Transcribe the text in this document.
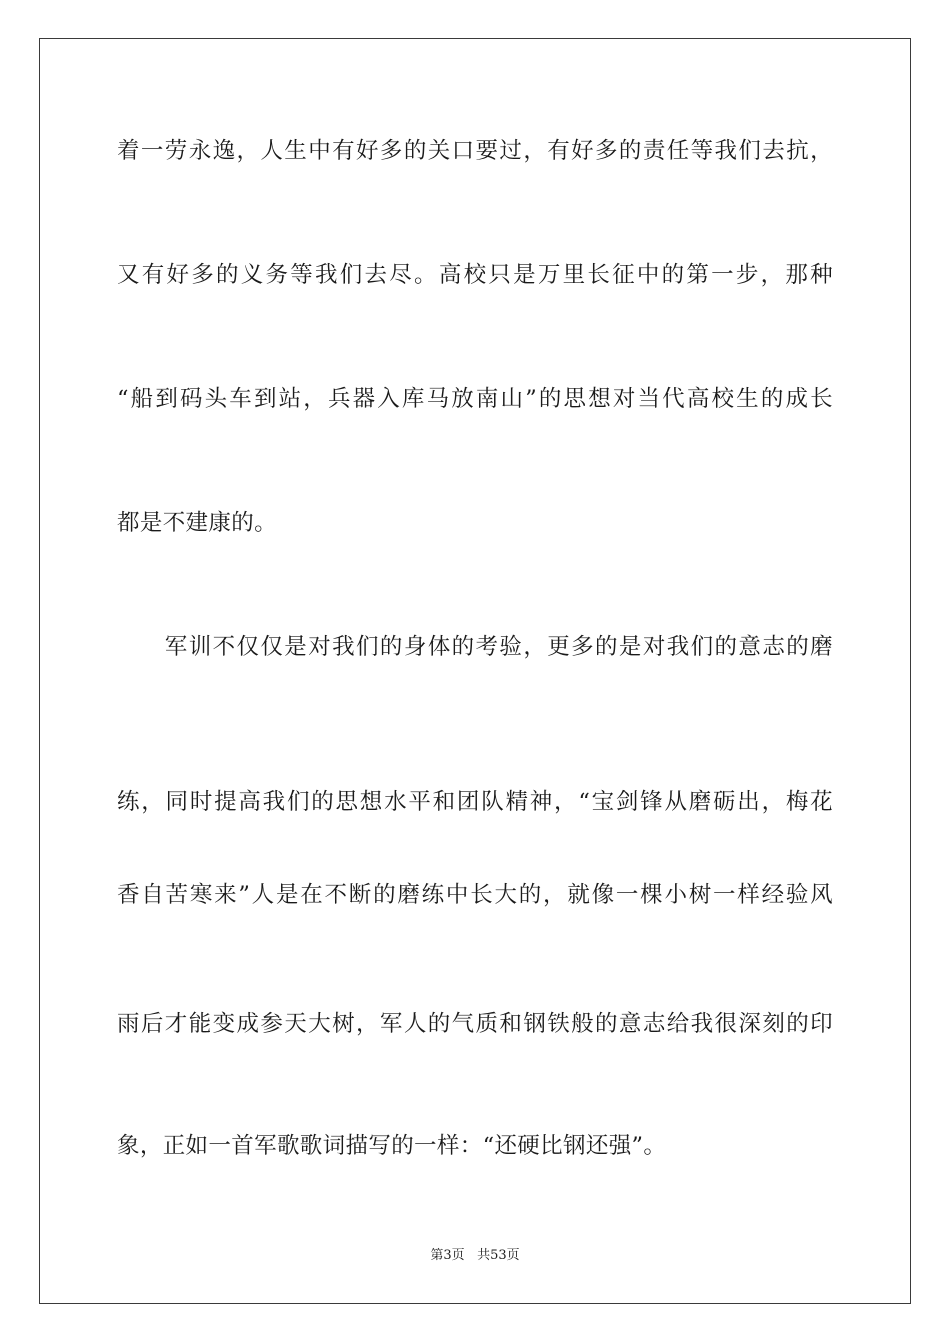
着一劳永逸，人生中有好多的关口要过，有好多的责任等我们去抗，
又有好多的义务等我们去尽。高校只是万里长征中的第一步，那种
“船到码头车到站，兵器入库马放南山”的思想对当代高校生的成长
都是不建康的。
　　军训不仅仅是对我们的身体的考验，更多的是对我们的意志的磨
练，同时提高我们的思想水平和团队精神，“宝剑锋从磨砺出，梅花
香自苦寒来”人是在不断的磨练中长大的，就像一棵小树一样经验风
雨后才能变成参天大树，军人的气质和钢铁般的意志给我很深刻的印
象，正如一首军歌歌词描写的一样：“还硬比钢还强”。
第3页 共53页
